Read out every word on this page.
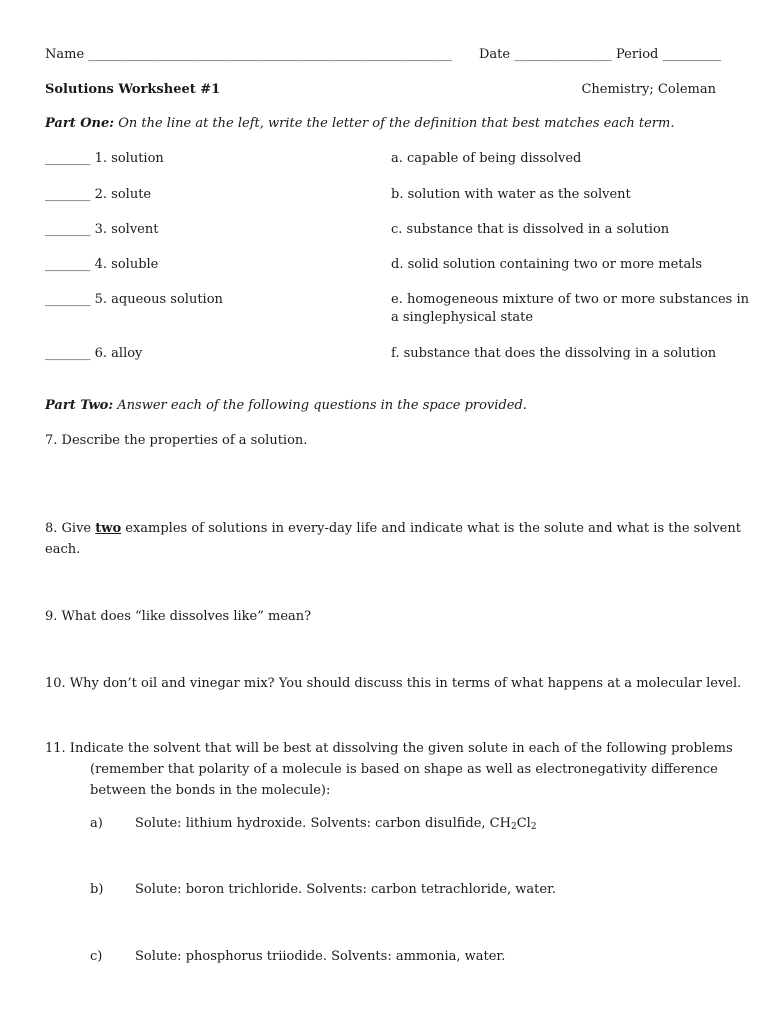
Name ________________________________________________________ Date _______________ Period _________
Solutions Worksheet #1	Chemistry; Coleman
Part One: On the line at the left, write the letter of the definition that best matches each term.
_______ 1. solution
_______ 2. solute
_______ 3. solvent
_______ 4. soluble
_______ 5. aqueous solution
_______ 6. alloy
a. capable of being dissolved
b. solution with water as the solvent
c. substance that is dissolved in a solution
d. solid solution containing two or more metals
e. homogeneous mixture of two or more substances in
a singlephysical state
f. substance that does the dissolving in a solution
Part Two: Answer each of the following questions in the space provided.
7. Describe the properties of a solution.
8. Give two examples of solutions in every-day life and indicate what is the solute and what is the solvent
each.
9. What does “like dissolves like” mean?
10. Why don’t oil and vinegar mix? You should discuss this in terms of what happens at a molecular level.
11. Indicate the solvent that will be best at dissolving the given solute in each of the following problems
(remember that polarity of a molecule is based on shape as well as electronegativity difference
between the bonds in the molecule):
a) Solute: lithium hydroxide. Solvents: carbon disulfide, $CH_2Cl_2$
b) Solute: boron trichloride. Solvents: carbon tetrachloride, water.
c)	Solute: phosphorus triiodide. Solvents: ammonia, water.
